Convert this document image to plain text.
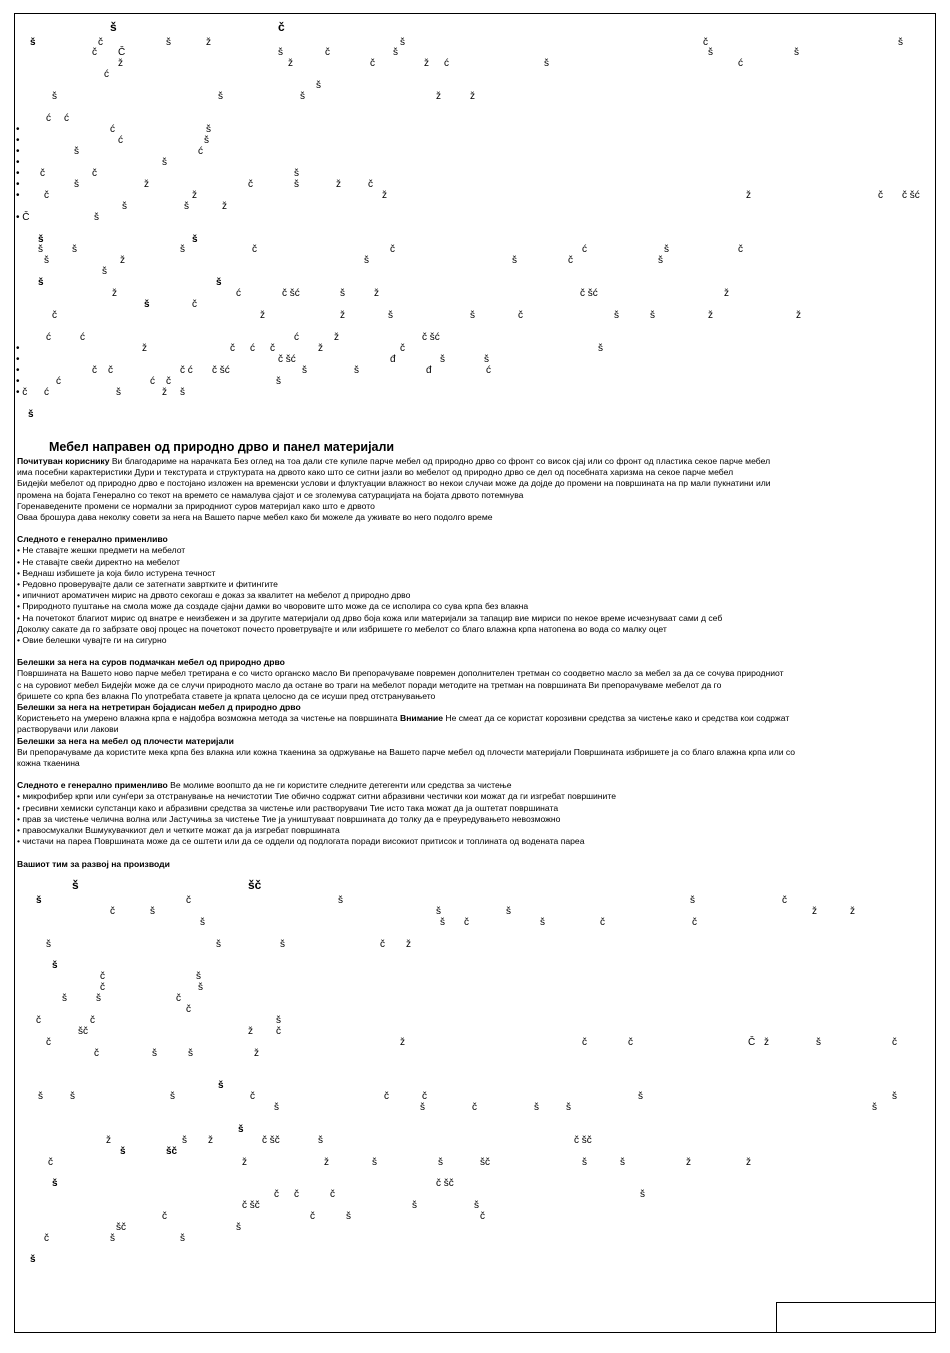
š	č
š	č	š	ž	š	č	š
č Č	š	č	š	š	š
ž	ž	č	ž ć	š	ć
ć
š
š	š	š	ž	ž
ć ć
•	ć	š
•	ć	š
•	š	ć
•	š
• č	č	š
•	š	ž	č	š	ž	č
• č	ž	ž	ž	č č šć
š	š	ž
• Č	š
š	š
š	š	š	č	č	ć	š	č
š	ž	š	š	č	š
š
š	š
ž	ć	č šć	š	ž	č šć	ž
š	č
č	ž	ž	š	š	č	š	š	ž	ž
ć	ć	ć	ž	č šć
•	ž	č ć č	ž	č	š
•	č šć	đ	š	š
•	č č	č ć č šć	š	š	đ	ć
•	ć	ć č	š
• č ć	š	ž š
š
Мебел направен од природно дрво и панел материјали
Почитуван кориснику Ви благодариме на нарачката Без оглед на тоа дали сте купиле парче мебел од природно дрво со фронт со висок сјај или со фронт од пластика секое парче мебел
има посебни карактеристики Дури и текстурата и структурата на дрвото како што се ситни јазли во мебелот од природно дрво се дел од посебната харизма на секое парче мебел
Бидејќи мебелот од природно дрво е постојано изложен на временски услови и флуктуации влажност во некои случаи може да дојде до промени на површината на пр мали пукнатини или
промена на бојата Генерално со текот на времето се намалува сјајот и се зголемува сатурацијата на бојата дрвото потемнува
Горенаведените промени се нормални за природниот суров материјал како што е дрвото
Оваа брошура дава неколку совети за нега на Вашето парче мебел како би можеле да уживате во него подолго време
Следното е генерално применливо
• Не ставајте жешки предмети на мебелот
• Не ставајте свеќи директно на мебелот
• Веднаш избишете ја која било истурена течност
• Редовно проверувајте дали се затегнати завртките и фитингите
• ипичниот ароматичен мирис на дрвото секогаш е доказ за квалитет на мебелот д природно дрво
• Природното пуштање на смола може да создаде сјајни дамки во чворовите што може да се исполира со сува крпа без влакна
• На почетокот благиот мирис од внатре е неизбежен и за другите материјали од дрво боја кожа или материјали за тапацир вие мириси по некое време исчезнуваат сами д себ
Доколку сакате да го забрзате овој процес на почетокот почесто проветрувајте и или избришете го мебелот со благо влажна крпа натопена во вода со малку оцет
• Овие белешки чувајте ги на сигурно
Белешки за нега на суров подмачкан мебел од природно дрво
Површината на Вашето ново парче мебел третирана е со чисто органско масло Ви препорачуваме повремен дополнителен третман со соодветно масло за мебел за да се сочува природниот
с на суровиот мебел Бидејќи може да се случи природното масло да остане во траги на мебелот поради методите на третман на површината Ви препорачуваме мебелот да го
бришете со крпа без влакна По употребата ставете ја крпата целосно да се исуши пред отстранувањето
Белешки за нега на нетретиран бојадисан мебел д природно дрво
Користењето на умерено влажна крпа е најдобра возможна метода за чистење на површината Внимание Не смеат да се користат корозивни средства за чистење како и средства кои содржат
растворувачи или лакови
Белешки за нега на мебел од плочести материјали
Ви препорачуваме да користите мека крпа без влакна или кожна ткаенина за одржување на Вашето парче мебел од плочести материјали Површината избришете ја со благо влажна крпа или со
кожна ткаенина
Следното е генерално применливо Ве молиме воопшто да не ги користите следните детегенти или средства за чистење
• микрофибер крпи или сунѓери за отстранување на нечистотии Тие обично содржат ситни абразивни честички кои можат да ги изгребат површините
• гресивни хемиски супстанци како и абразивни средства за чистење или растворувачи Тие исто така можат да ја оштетат површината
• прав за чистење челична волна или Јастучиња за чистење Тие ја уништуваат површината до толку да е преуредувањето невозможно
• правосмукалки Вшмукувачкиот дел и четките можат да ја изгребат површината
• чистачи на пареа Површината може да се оштети или да се оддели од подлогата поради високиот притисок и топлината од водената пареа
Вашиот тим за развој на производи
š	šč
š	č	š	š	č
č	š	š	š	ž	ž
š	š č	š	č	č
š	š	š	č ž
š
č	š
č	š
š	š	č
č
č	č	š
šč	ž č
č	ž	č	č	Č ž	š	č
č	š	š	ž
š
š	š	š	č	č	č	š	š
š	š	č	š	š	š
š
ž	š ž	č šč	š	č šč
š	šč
č	ž	ž	š	š	šč	š	š	ž	ž
š	č šč
č č	č	š
č šč	š	š
č	č	š	č
šč	š
č	š	š
š
